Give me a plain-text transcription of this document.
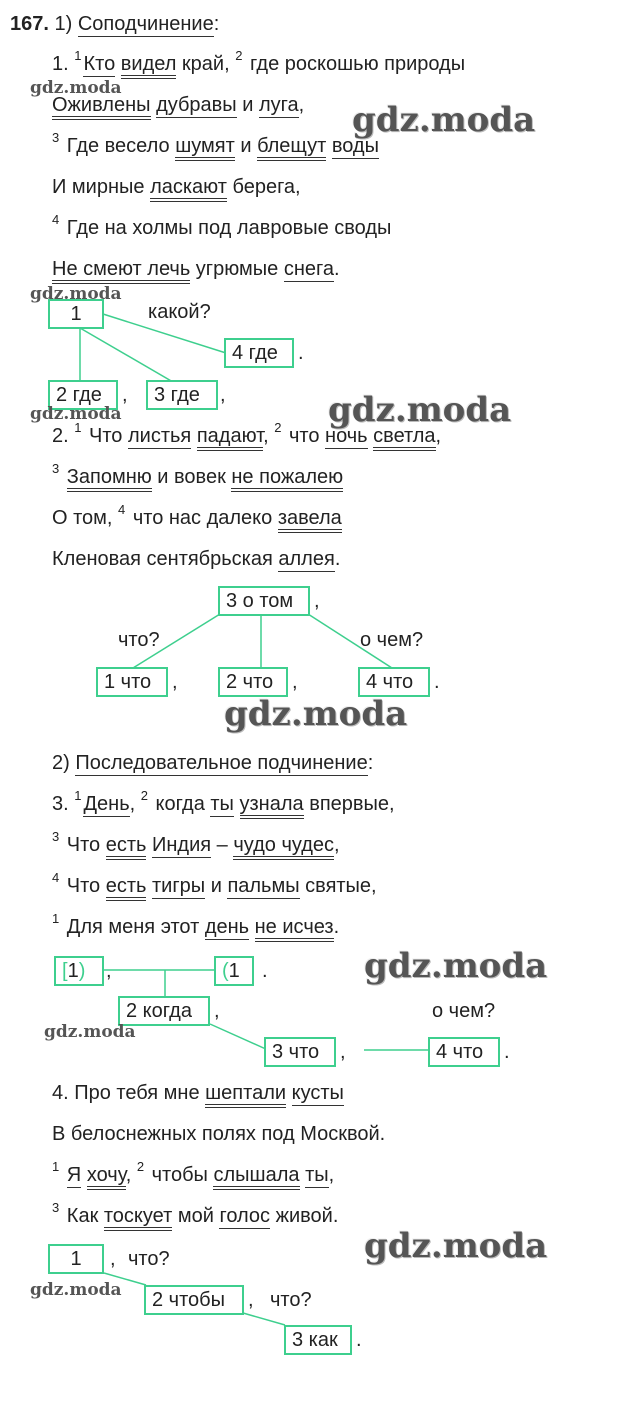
167. 1) Соподчинение:
1. $^1$ Кто видел край, $^2$ где роскошью природы
Оживлены дубравы и луга,
$^3$ Где весело шумят и блещут воды
И мирные ласкают берега,
$^4$ Где на холмы под лавровые своды
Не смеют лечь угрюмые снега.
1	какой?
4 где	.
2 где	,	3 где	,
2. $^1$ Что листья падают, $^2$ что ночь светла,
$^3$ Запомню и вовек не пожалею
О том, $^4$ что нас далеко завела
Кленовая сентябрьская аллея.
3 о том	,
что?	о чем?
1 что	,	2 что ,	4 что	.
2) Последовательное подчинение:
3. $^1$ День, $^2$ когда ты узнала впервые,
$^3$ Что есть Индия – чудо чудес,
$^4$ Что есть тигры и пальмы святые,
$^1$ Для меня этот день не исчез.
[1)	,	(1	.
2 когда	,	о чем?
3 что	,	4 что	.
4. Про тебя мне шептали кусты
В белоснежных полях под Москвой.
$^1$ Я хочу, $^2$ чтобы слышала ты,
$^3$ Как тоскует мой голос живой.
1	, что?
2 чтобы	, что?
3 как .
gdz.moda
gdz.moda
gdz.moda
gdz.moda
gdz.moda
gdz.moda
gdz.moda
gdz.moda
gdz.moda
gdz.moda
